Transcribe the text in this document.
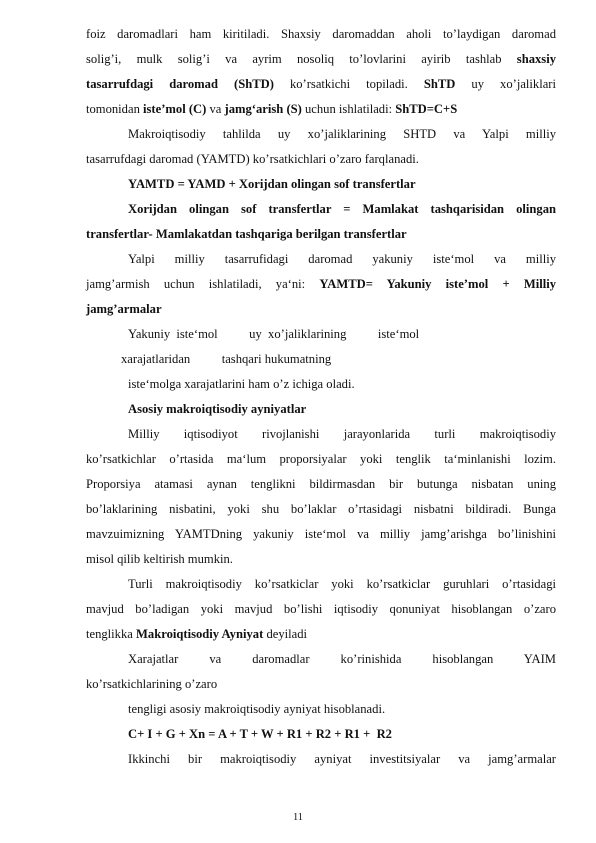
foiz daromadlari ham kiritiladi. Shaxsiy daromaddan aholi to’laydigan daromad
solig’i, mulk solig’i va ayrim nosoliq to’lovlarini ayirib tashlab shaxsiy
tasarrufdagi daromad (ShTD) ko’rsatkichi topiladi. ShTD uy xo’jaliklari
tomonidan iste’mol (C) va jamg‘arish (S) uchun ishlatiladi: ShTD=C+S
Makroiqtisodiy tahlilda uy xo’jaliklarining SHTD va Yalpi milliy
tasarrufdagi daromad (YAMTD) ko’rsatkichlari o’zaro farqlanadi.
YAMTD = YAMD + Xorijdan olingan sof transfertlar
Xorijdan olingan sof transfertlar = Mamlakat tashqarisidan olingan
transfertlar- Mamlakatdan tashqariga berilgan transfertlar
Yalpi milliy tasarrufidagi daromad yakuniy iste‘mol va milliy
jamg’armish uchun ishlatiladi, ya‘ni: YAMTD= Yakuniy iste’mol + Milliy
jamg’armalar
Yakuniy  iste‘mol          uy  xo’jaliklarining          iste‘mol
xarajatlaridan          tashqari hukumatning
iste‘molga xarajatlarini ham o’z ichiga oladi.
Asosiy makroiqtisodiy ayniyatlar
Milliy iqtisodiyot rivojlanishi jarayonlarida turli makroiqtisodiy
ko’rsatkichlar o’rtasida ma‘lum proporsiyalar yoki tenglik ta‘minlanishi lozim.
Proporsiya atamasi aynan tenglikni bildirmasdan bir butunga nisbatan uning
bo’laklarining nisbatini, yoki shu bo’laklar o’rtasidagi nisbatni bildiradi. Bunga
mavzuimizning YAMTDning yakuniy iste‘mol va milliy jamg’arishga bo’linishini
misol qilib keltirish mumkin.
Turli makroiqtisodiy ko’rsatkiclar yoki ko’rsatkiclar guruhlari o’rtasidagi
mavjud bo’ladigan yoki mavjud bo’lishi iqtisodiy qonuniyat hisoblangan o’zaro
tenglikka Makroiqtisodiy Ayniyat deyiladi
Xarajatlar va daromadlar ko’rinishida hisoblangan YAIM
ko’rsatkichlarining o’zaro
tengligi asosiy makroiqtisodiy ayniyat hisoblanadi.
C+ I + G + Xn = A + T + W + R1 + R2 + R1 +  R2
Ikkinchi bir makroiqtisodiy ayniyat investitsiyalar va jamg’armalar
11
